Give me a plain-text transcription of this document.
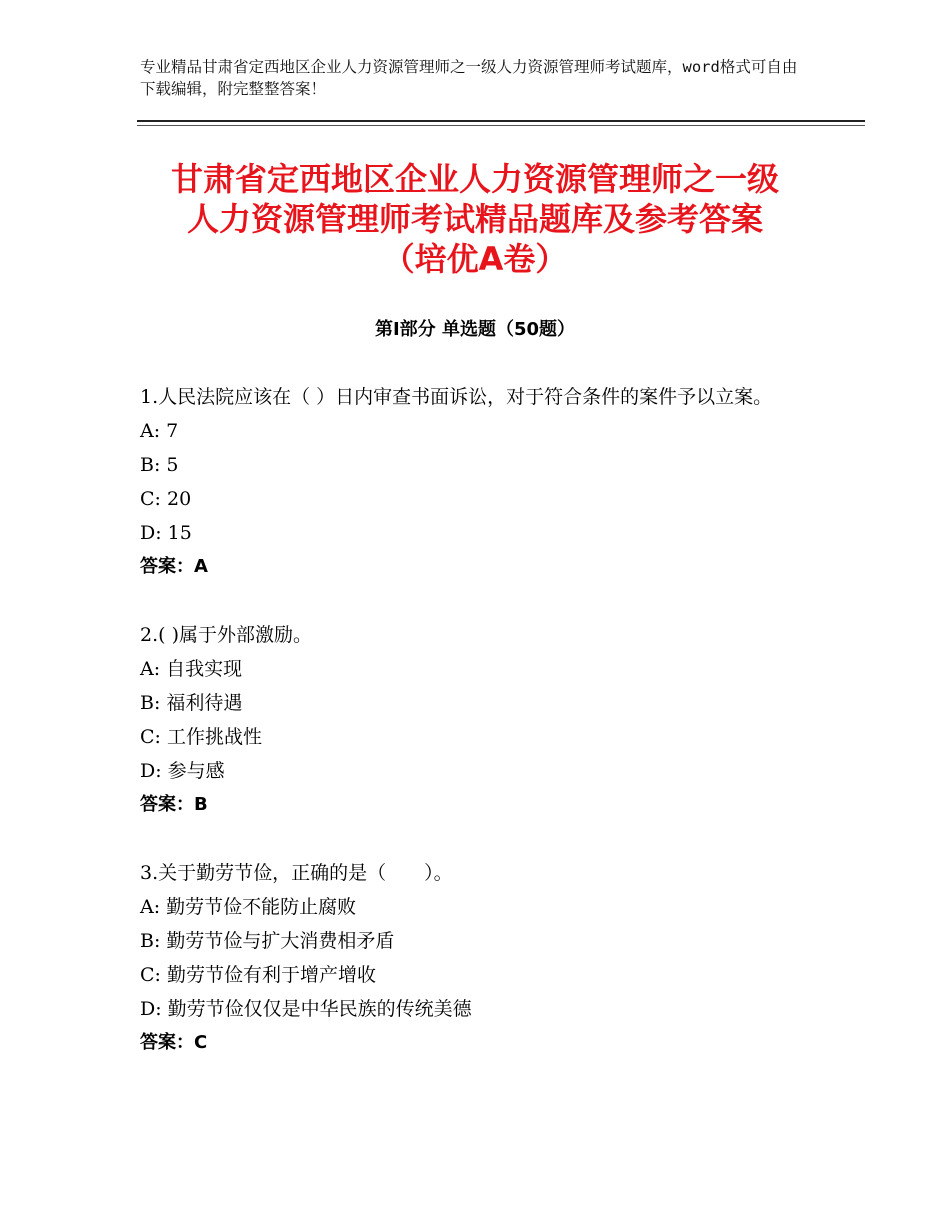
专业精品甘肃省定西地区企业人力资源管理师之一级人力资源管理师考试题库，word格式可自由下载编辑，附完整整答案！
甘肃省定西地区企业人力资源管理师之一级
人力资源管理师考试精品题库及参考答案
（培优A卷）
第Ⅰ部分 单选题（50题）
1.人民法院应该在（ ）日内审查书面诉讼，对于符合条件的案件予以立案。
A: 7
B: 5
C: 20
D: 15
答案：A
2.( )属于外部激励。
A: 自我实现
B: 福利待遇
C: 工作挑战性
D: 参与感
答案：B
3.关于勤劳节俭，正确的是（　　）。
A: 勤劳节俭不能防止腐败
B: 勤劳节俭与扩大消费相矛盾
C: 勤劳节俭有利于增产增收
D: 勤劳节俭仅仅是中华民族的传统美德
答案：C
